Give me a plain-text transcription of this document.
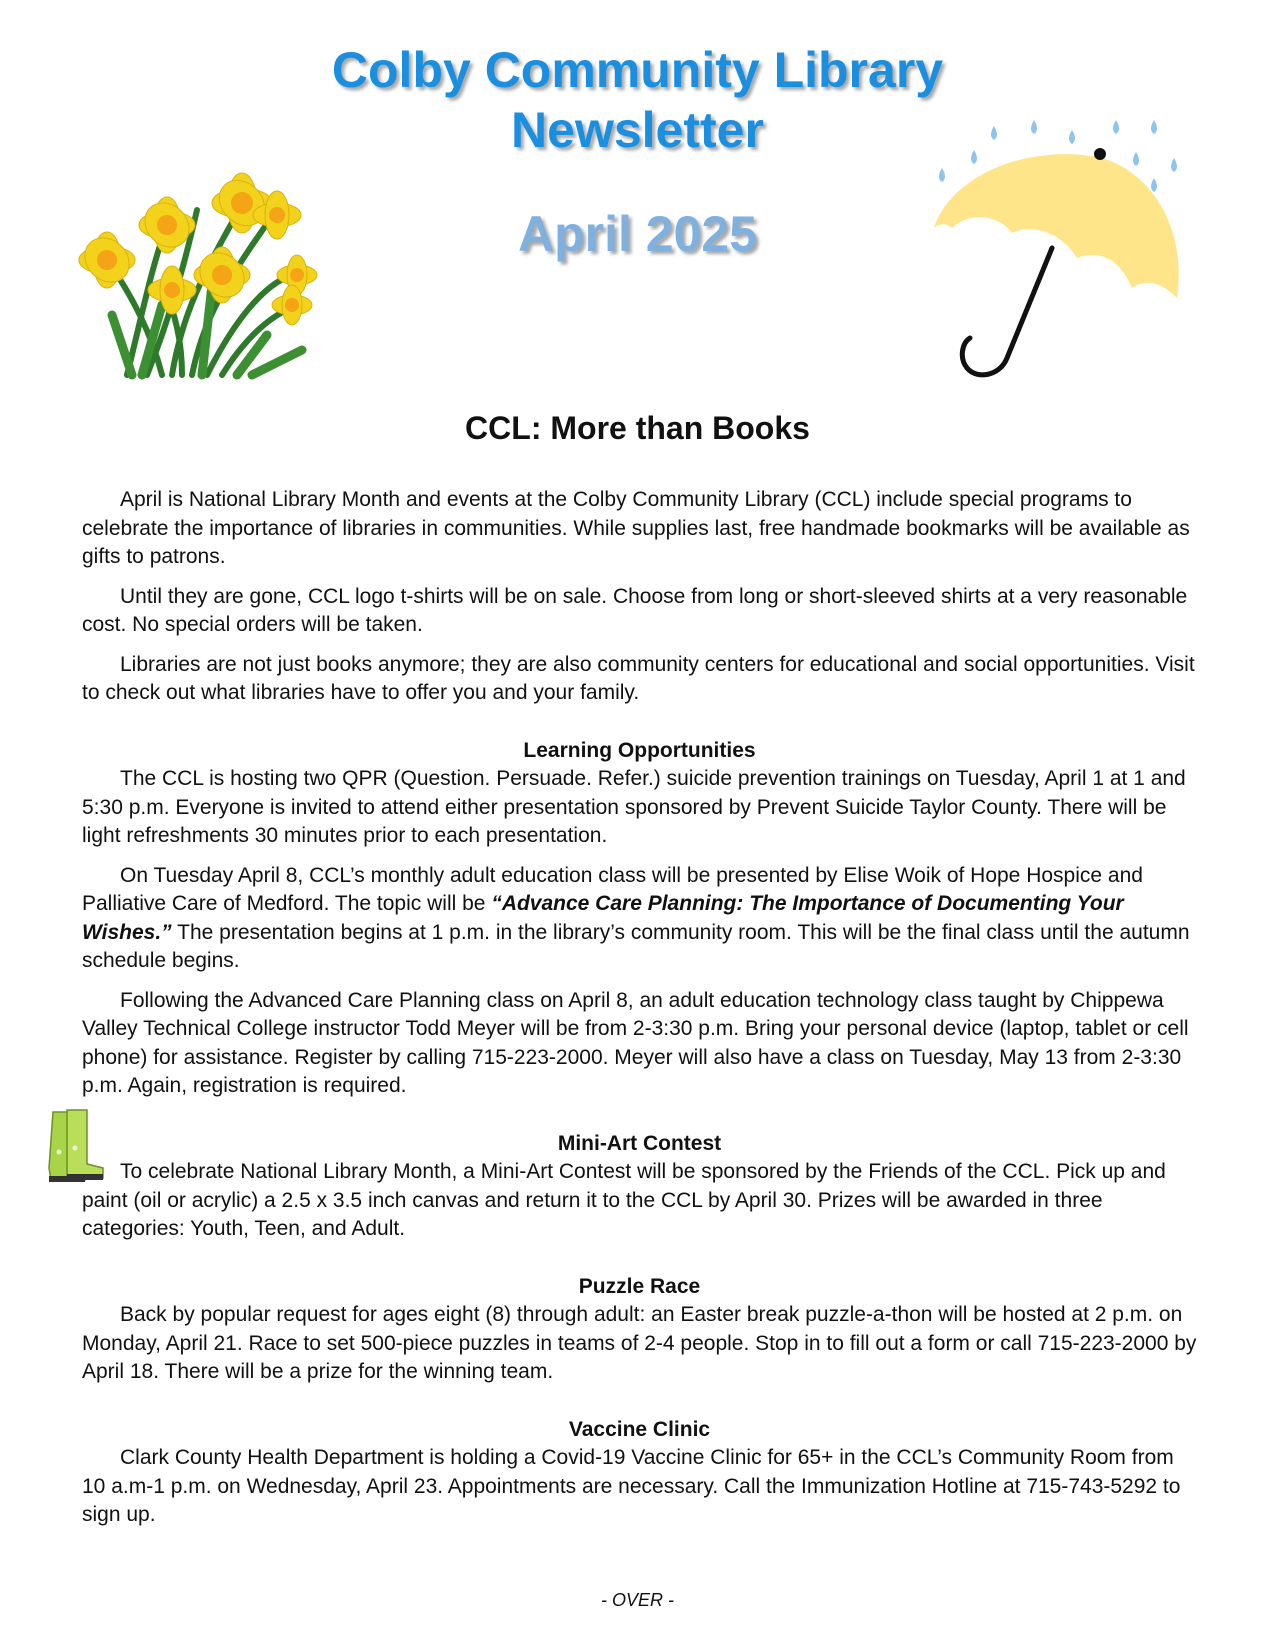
Colby Community Library
Newsletter
April 2025
CCL: More than Books

April is National Library Month and events at the Colby Community Library (CCL) include special programs to celebrate the importance of libraries in communities. While supplies last, free handmade bookmarks will be available as gifts to patrons.

Until they are gone, CCL logo t-shirts will be on sale. Choose from long or short-sleeved shirts at a very reasonable cost. No special orders will be taken.

Libraries are not just books anymore; they are also community centers for educational and social opportunities. Visit to check out what libraries have to offer you and your family.

Learning Opportunities

The CCL is hosting two QPR (Question. Persuade. Refer.) suicide prevention trainings on Tuesday, April 1 at 1 and 5:30 p.m. Everyone is invited to attend either presentation sponsored by Prevent Suicide Taylor County. There will be light refreshments 30 minutes prior to each presentation.

On Tuesday April 8, CCL’s monthly adult education class will be presented by Elise Woik of Hope Hospice and Palliative Care of Medford. The topic will be “Advance Care Planning: The Importance of Documenting Your Wishes.” The presentation begins at 1 p.m. in the library’s community room. This will be the final class until the autumn schedule begins.

Following the Advanced Care Planning class on April 8, an adult education technology class taught by Chippewa Valley Technical College instructor Todd Meyer will be from 2-3:30 p.m. Bring your personal device (laptop, tablet or cell phone) for assistance. Register by calling 715-223-2000. Meyer will also have a class on Tuesday, May 13 from 2-3:30 p.m. Again, registration is required.

Mini-Art Contest

To celebrate National Library Month, a Mini-Art Contest will be sponsored by the Friends of the CCL. Pick up and paint (oil or acrylic) a 2.5 x 3.5 inch canvas and return it to the CCL by April 30. Prizes will be awarded in three categories: Youth, Teen, and Adult.

Puzzle Race

Back by popular request for ages eight (8) through adult: an Easter break puzzle-a-thon will be hosted at 2 p.m. on Monday, April 21. Race to set 500-piece puzzles in teams of 2-4 people. Stop in to fill out a form or call 715-223-2000 by April 18. There will be a prize for the winning team.

Vaccine Clinic

Clark County Health Department is holding a Covid-19 Vaccine Clinic for 65+ in the CCL’s Community Room from 10 a.m-1 p.m. on Wednesday, April 23. Appointments are necessary. Call the Immunization Hotline at 715-743-5292 to sign up.

- OVER -
